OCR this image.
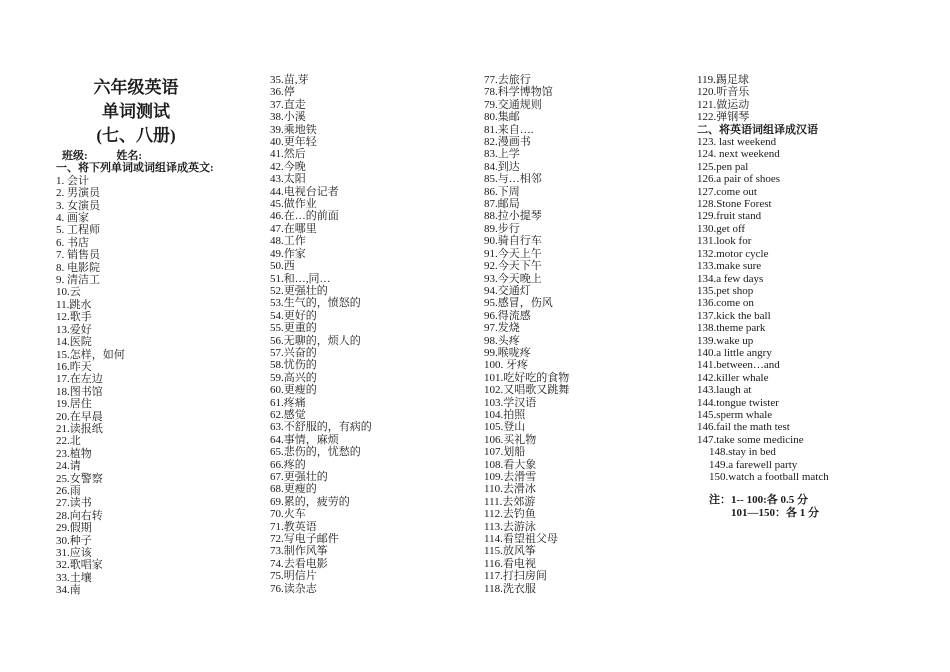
六年级英语
单词测试
(七、八册)
班级:	姓名:
一、将下列单词或词组译成英文:
1. 会计
2. 男演员
3. 女演员
4. 画家
5. 工程师
6. 书店
7. 销售员
8. 电影院
9. 清洁工
10.云
11.跳水
12.歌手
13.爱好
14.医院
15.怎样，如何
16.昨天
17.在左边
18.图书馆
19.居住
20.在早晨
21.读报纸
22.北
23.植物
24.请
25.女警察
26.雨
27.读书
28.向右转
29.假期
30.种子
31.应该
32.歌唱家
33.土壤
34.南
35.苗,芽
36.停
37.直走
38.小溪
39.乘地铁
40.更年轻
41.然后
42.今晚
43.太阳
44.电视台记者
45.做作业
46.在…的前面
47.在哪里
48.工作
49.作家
50.西
51.和…,同…
52.更强壮的
53.生气的，愤怒的
54.更好的
55.更重的
56.无聊的，烦人的
57.兴奋的
58.忧伤的
59.高兴的
60.更瘦的
61.疼痛
62.感觉
63.不舒服的，有病的
64.事情，麻烦
65.悲伤的，忧愁的
66.疼的
67.更强壮的
68.更瘦的
69.累的，疲劳的
70.火车
71.教英语
72.写电子邮件
73.制作风筝
74.去看电影
75.明信片
76.读杂志
77.去旅行
78.科学博物馆
79.交通规则
80.集邮
81.来自….
82.漫画书
83.上学
84.到达
85.与…相邻
86.下周
87.邮局
88.拉小提琴
89.步行
90.骑自行车
91.今天上午
92.今天下午
93.今天晚上
94.交通灯
95.感冒，伤风
96.得流感
97.发烧
98.头疼
99.喉咙疼
100. 牙疼
101.吃好吃的食物
102.又唱歌又跳舞
103.学汉语
104.拍照
105.登山
106.买礼物
107.划船
108.看大象
109.去滑雪
110.去滑冰
111.去郊游
112.去钓鱼
113.去游泳
114.看望祖父母
115.放风筝
116.看电视
117.打扫房间
118.洗衣服
119.踢足球
120.听音乐
121.做运动
122.弹钢琴
二、将英语词组译成汉语
123. last weekend
124. next weekend
125.pen pal
126.a pair of shoes
127.come out
128.Stone Forest
129.fruit stand
130.get off
131.look for
132.motor cycle
133.make sure
134.a few days
135.pet shop
136.come on
137.kick the ball
138.theme park
139.wake up
140.a little angry
141.between…and
142.killer whale
143.laugh at
144.tongue twister
145.sperm whale
146.fail the math test
147.take some medicine
148.stay in bed
149.a farewell party
150.watch a football match
注：1-- 100:各 0.5 分
101—150：各 1 分
